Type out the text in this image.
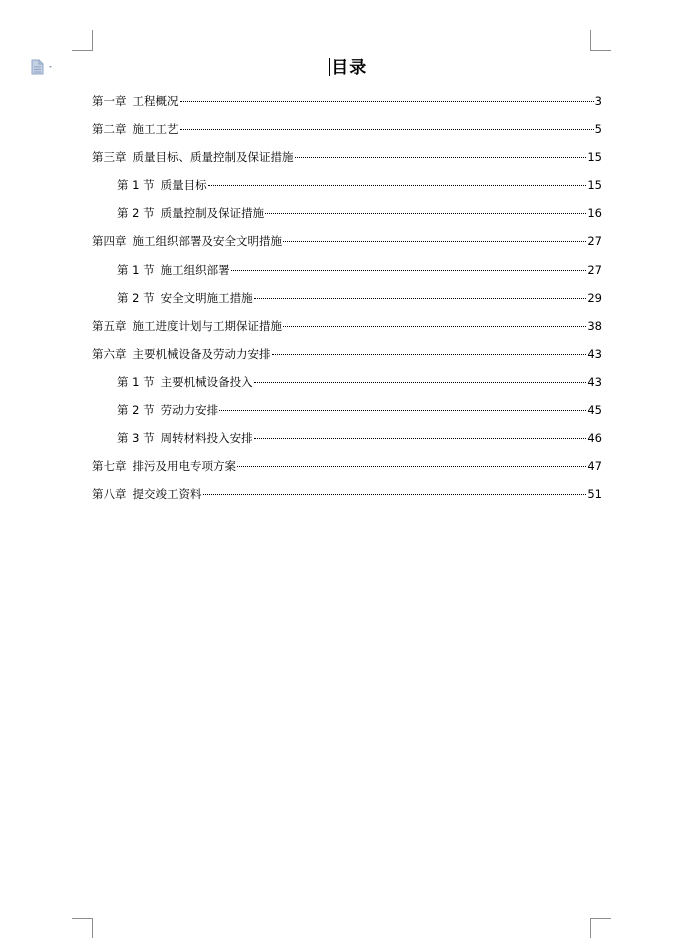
目录
第一章 工程概况	3
第二章 施工工艺	5
第三章 质量目标、质量控制及保证措施	15
第 1 节 质量目标	15
第 2 节 质量控制及保证措施	16
第四章 施工组织部署及安全文明措施	27
第 1 节 施工组织部署	27
第 2 节 安全文明施工措施	29
第五章 施工进度计划与工期保证措施	38
第六章 主要机械设备及劳动力安排	43
第 1 节 主要机械设备投入	43
第 2 节 劳动力安排	45
第 3 节 周转材料投入安排	46
第七章 排污及用电专项方案	47
第八章 提交竣工资料	51
